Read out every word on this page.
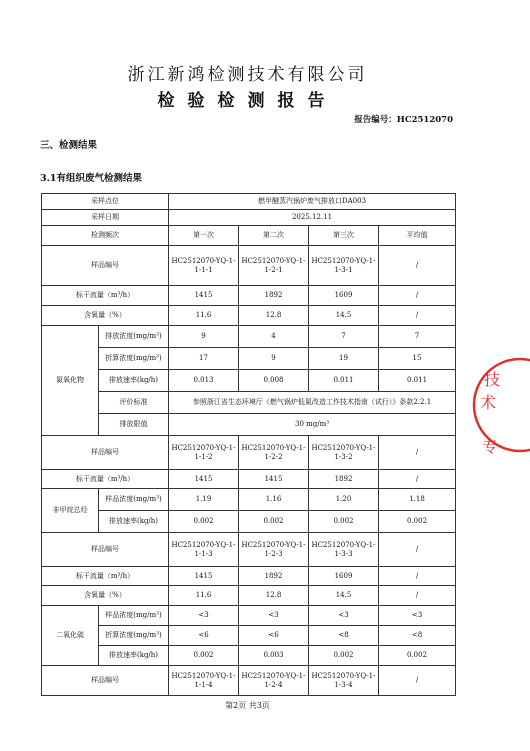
浙江新鸿检测技术有限公司
检验检测报告
报告编号：HC2512070
三、检测结果
3.1有组织废气检测结果
采样点位		燃甲醚蒸汽锅炉废气排放口DA003			
采样日期		2025.12.11			
检测频次		第一次	第二次	第三次	平均值
样品编号		HC2512070-YQ-1-1-1-1	HC2512070-YQ-1-1-2-1	HC2512070-YQ-1-1-3-1	/
标干流量（m³/h）		1415	1892	1609	/
含氧量（%）		11.6	12.8	14.5	/
氮氧化物	排放浓度(mg/m³)	9	4	7	7
	折算浓度(mg/m³)	17	9	19	15
	排放速率(kg/h)	0.013	0.008	0.011	0.011
	评价标准	参照浙江省生态环境厅《燃气锅炉低氮改造工作技术指南（试行）》条款2.2.1			
	排放限值	30 mg/m³			
样品编号		HC2512070-YQ-1-1-1-2	HC2512070-YQ-1-1-2-2	HC2512070-YQ-1-1-3-2	/
标干流量（m³/h）		1415	1415	1892	/
非甲烷总烃	样品浓度(mg/m³)	1.19	1.16	1.20	1.18
	排放速率(kg/h)	0.002	0.002	0.002	0.002
样品编号		HC2512070-YQ-1-1-1-3	HC2512070-YQ-1-1-2-3	HC2512070-YQ-1-1-3-3	/
标干流量（m³/h）		1415	1892	1609	/
含氧量（%）		11.6	12.8	14.5	/
二氧化硫	样品浓度(mg/m³)	<3	<3	<3	<3
	折算浓度(mg/m³)	<6	<6	<8	<8
	排放速率(kg/h)	0.002	0.003	0.002	0.002
样品编号		HC2512070-YQ-1-1-1-4	HC2512070-YQ-1-1-2-4	HC2512070-YQ-1-1-3-4	/
第2页 共3页
技
术
专
